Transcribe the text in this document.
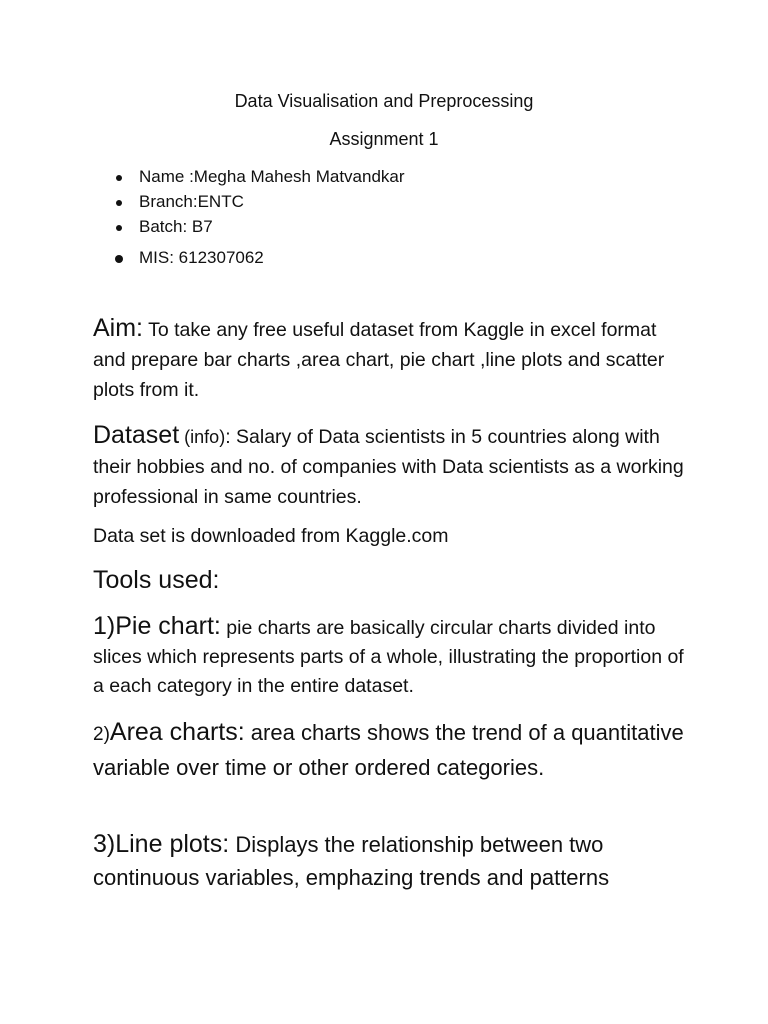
Data Visualisation and Preprocessing
Assignment 1
Name :Megha Mahesh Matvandkar
Branch:ENTC
Batch: B7
MIS: 612307062

Aim: To take any free useful dataset from Kaggle in excel format and prepare bar charts ,area chart, pie chart ,line plots and scatter plots from it.

Dataset (info): Salary of Data scientists in 5 countries along with their hobbies and no. of companies with Data scientists as a working professional in same countries.

Data set is downloaded from Kaggle.com

Tools used:

1)Pie chart: pie charts are basically circular charts divided into slices which represents parts of a whole, illustrating the proportion of a each category in the entire dataset.

2)Area charts: area charts shows the trend of a quantitative variable over time or other ordered categories.

3)Line plots: Displays the relationship between two continuous variables, emphazing trends and patterns
